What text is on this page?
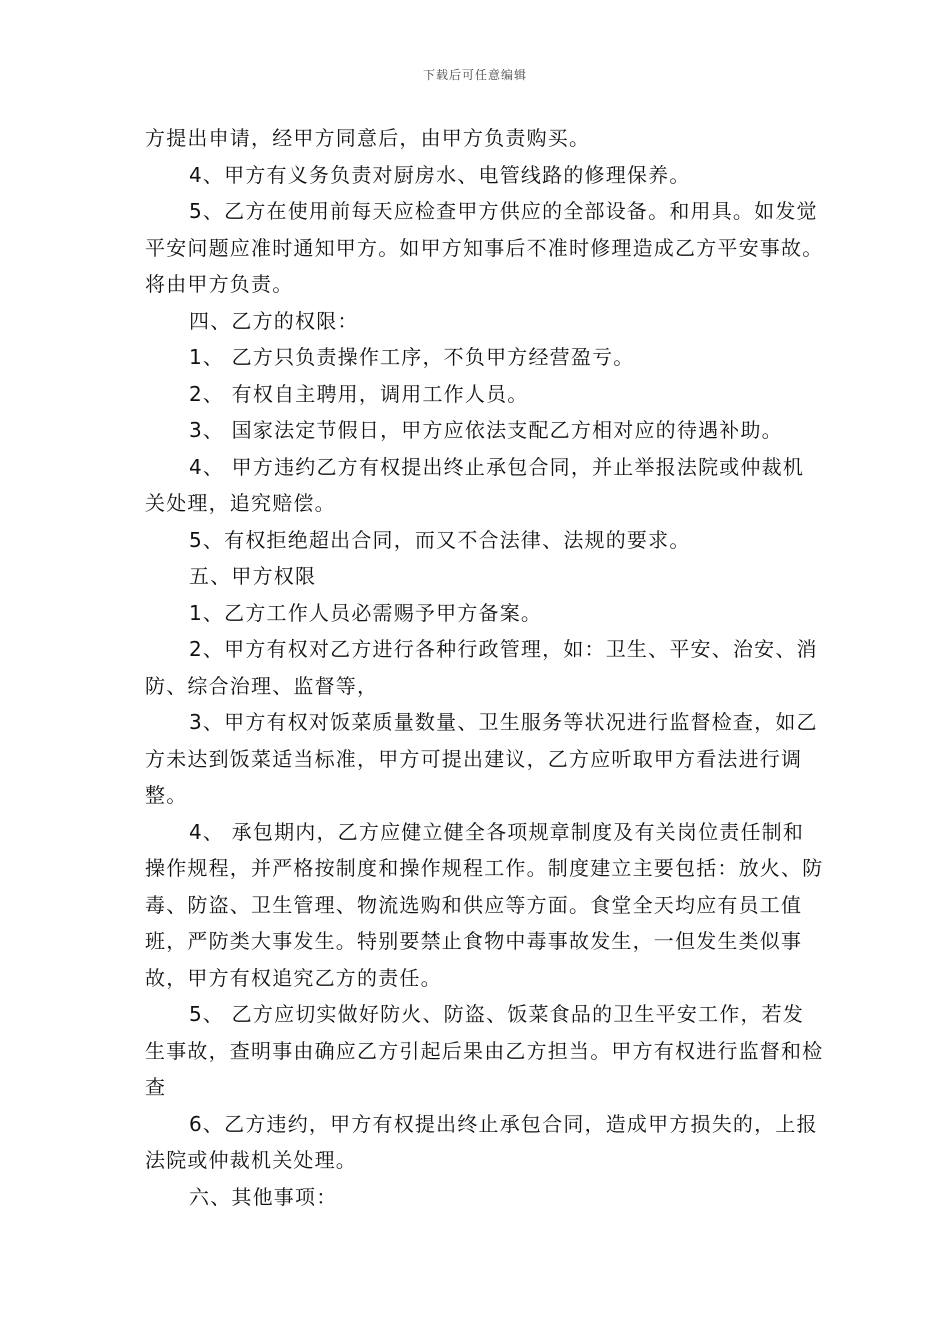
下载后可任意编辑

方提出申请，经甲方同意后，由甲方负责购买。

4、甲方有义务负责对厨房水、电管线路的修理保养。

5、乙方在使用前每天应检查甲方供应的全部设备。和用具。如发觉平安问题应准时通知甲方。如甲方知事后不准时修理造成乙方平安事故。将由甲方负责。

四、乙方的权限：

1、 乙方只负责操作工序，不负甲方经营盈亏。

2、 有权自主聘用，调用工作人员。

3、 国家法定节假日，甲方应依法支配乙方相对应的待遇补助。

4、 甲方违约乙方有权提出终止承包合同，并止举报法院或仲裁机关处理，追究赔偿。

5、有权拒绝超出合同，而又不合法律、法规的要求。

五、甲方权限

1、乙方工作人员必需赐予甲方备案。

2、甲方有权对乙方进行各种行政管理，如：卫生、平安、治安、消防、综合治理、监督等，

3、甲方有权对饭菜质量数量、卫生服务等状况进行监督检查，如乙方未达到饭菜适当标准，甲方可提出建议，乙方应听取甲方看法进行调整。

4、 承包期内，乙方应健立健全各项规章制度及有关岗位责任制和操作规程，并严格按制度和操作规程工作。制度建立主要包括：放火、防毒、防盗、卫生管理、物流选购和供应等方面。食堂全天均应有员工值班，严防类大事发生。特别要禁止食物中毒事故发生，一但发生类似事故，甲方有权追究乙方的责任。

5、 乙方应切实做好防火、防盗、饭菜食品的卫生平安工作，若发生事故，查明事由确应乙方引起后果由乙方担当。甲方有权进行监督和检查

6、乙方违约，甲方有权提出终止承包合同，造成甲方损失的，上报法院或仲裁机关处理。

六、其他事项：
